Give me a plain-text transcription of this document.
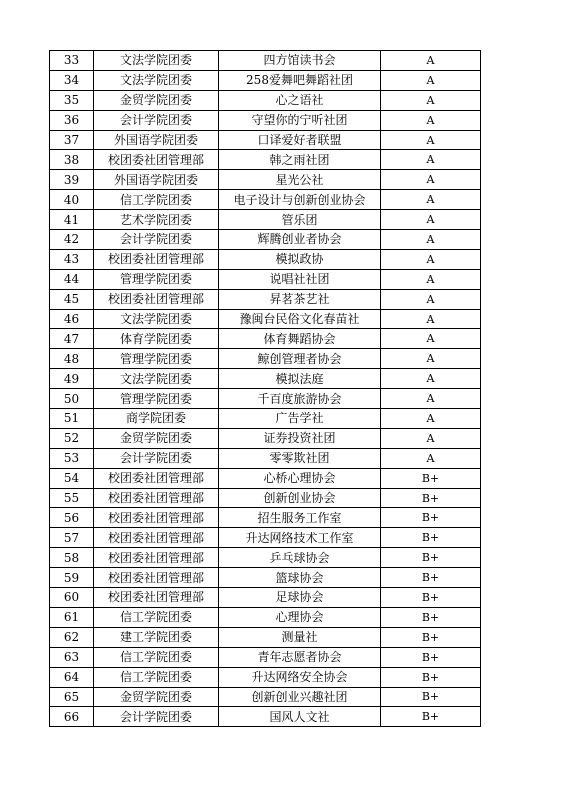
33	文法学院团委	四方馆读书会	A
34	文法学院团委	258爱舞吧舞蹈社团	A
35	金贸学院团委	心之语社	A
36	会计学院团委	守望你的宁听社团	A
37	外国语学院团委	口译爱好者联盟	A
38	校团委社团管理部	韩之雨社团	A
39	外国语学院团委	星光公社	A
40	信工学院团委	电子设计与创新创业协会	A
41	艺术学院团委	管乐团	A
42	会计学院团委	辉腾创业者协会	A
43	校团委社团管理部	模拟政协	A
44	管理学院团委	说唱社社团	A
45	校团委社团管理部	昇茗茶艺社	A
46	文法学院团委	豫闽台民俗文化春苗社	A
47	体育学院团委	体育舞蹈协会	A
48	管理学院团委	鲸创管理者协会	A
49	文法学院团委	模拟法庭	A
50	管理学院团委	千百度旅游协会	A
51	商学院团委	广告学社	A
52	金贸学院团委	证券投资社团	A
53	会计学院团委	零零欺社团	A
54	校团委社团管理部	心桥心理协会	B+
55	校团委社团管理部	创新创业协会	B+
56	校团委社团管理部	招生服务工作室	B+
57	校团委社团管理部	升达网络技术工作室	B+
58	校团委社团管理部	乒乓球协会	B+
59	校团委社团管理部	篮球协会	B+
60	校团委社团管理部	足球协会	B+
61	信工学院团委	心理协会	B+
62	建工学院团委	测量社	B+
63	信工学院团委	青年志愿者协会	B+
64	信工学院团委	升达网络安全协会	B+
65	金贸学院团委	创新创业兴趣社团	B+
66	会计学院团委	国风人文社	B+
